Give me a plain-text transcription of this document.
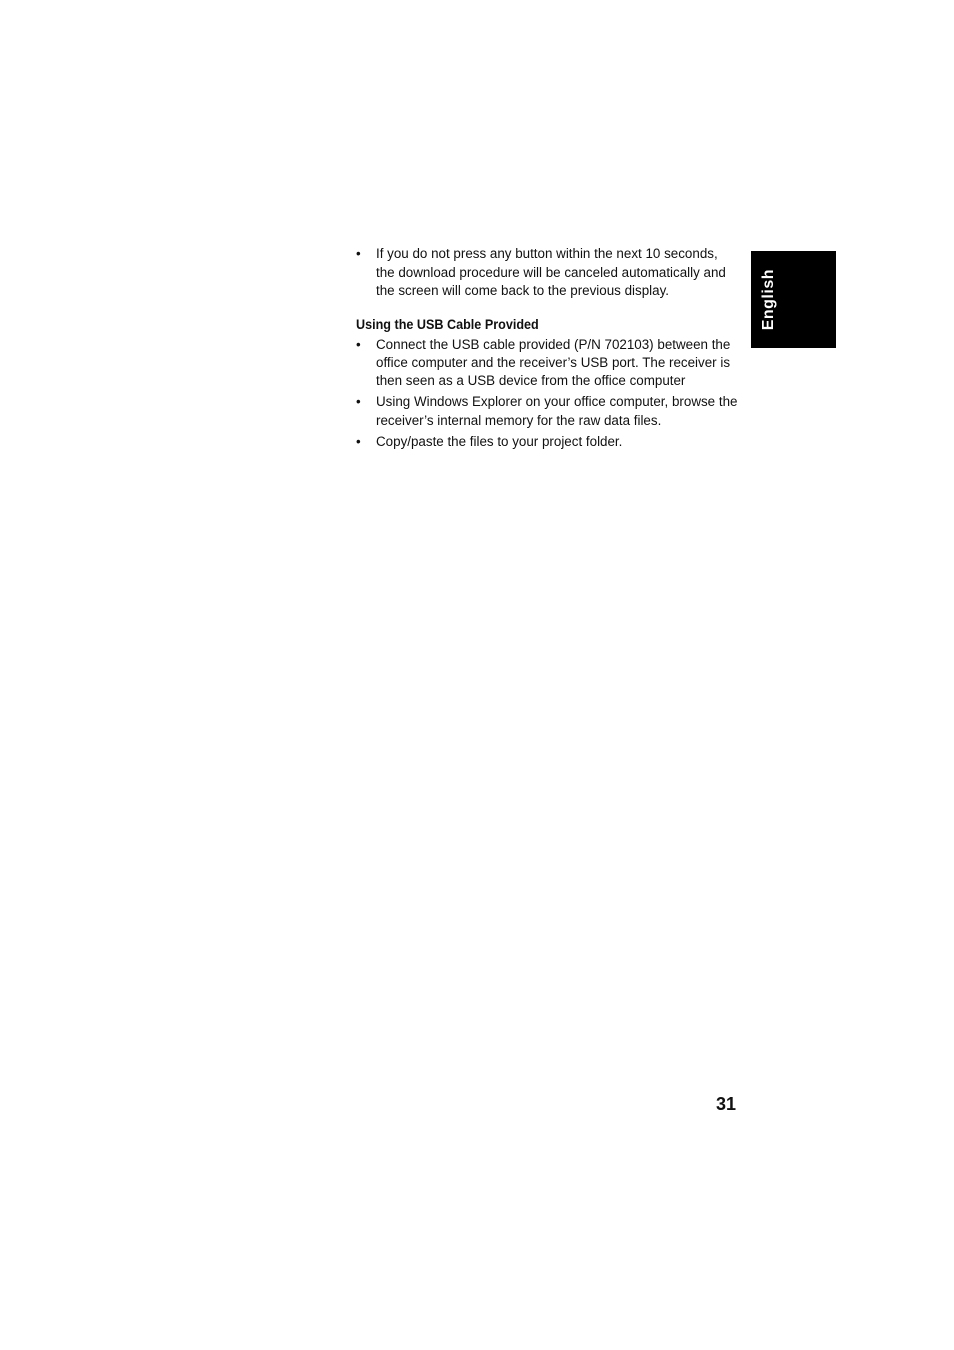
• If you do not press any button within the next 10 seconds, the download procedure will be canceled automatically and the screen will come back to the previous display.
Using the USB Cable Provided
• Connect the USB cable provided (P/N 702103) between the office computer and the receiver’s USB port. The receiver is then seen as a USB device from the office computer
• Using Windows Explorer on your office computer, browse the receiver’s internal memory for the raw data files.
• Copy/paste the files to your project folder.
English
31
